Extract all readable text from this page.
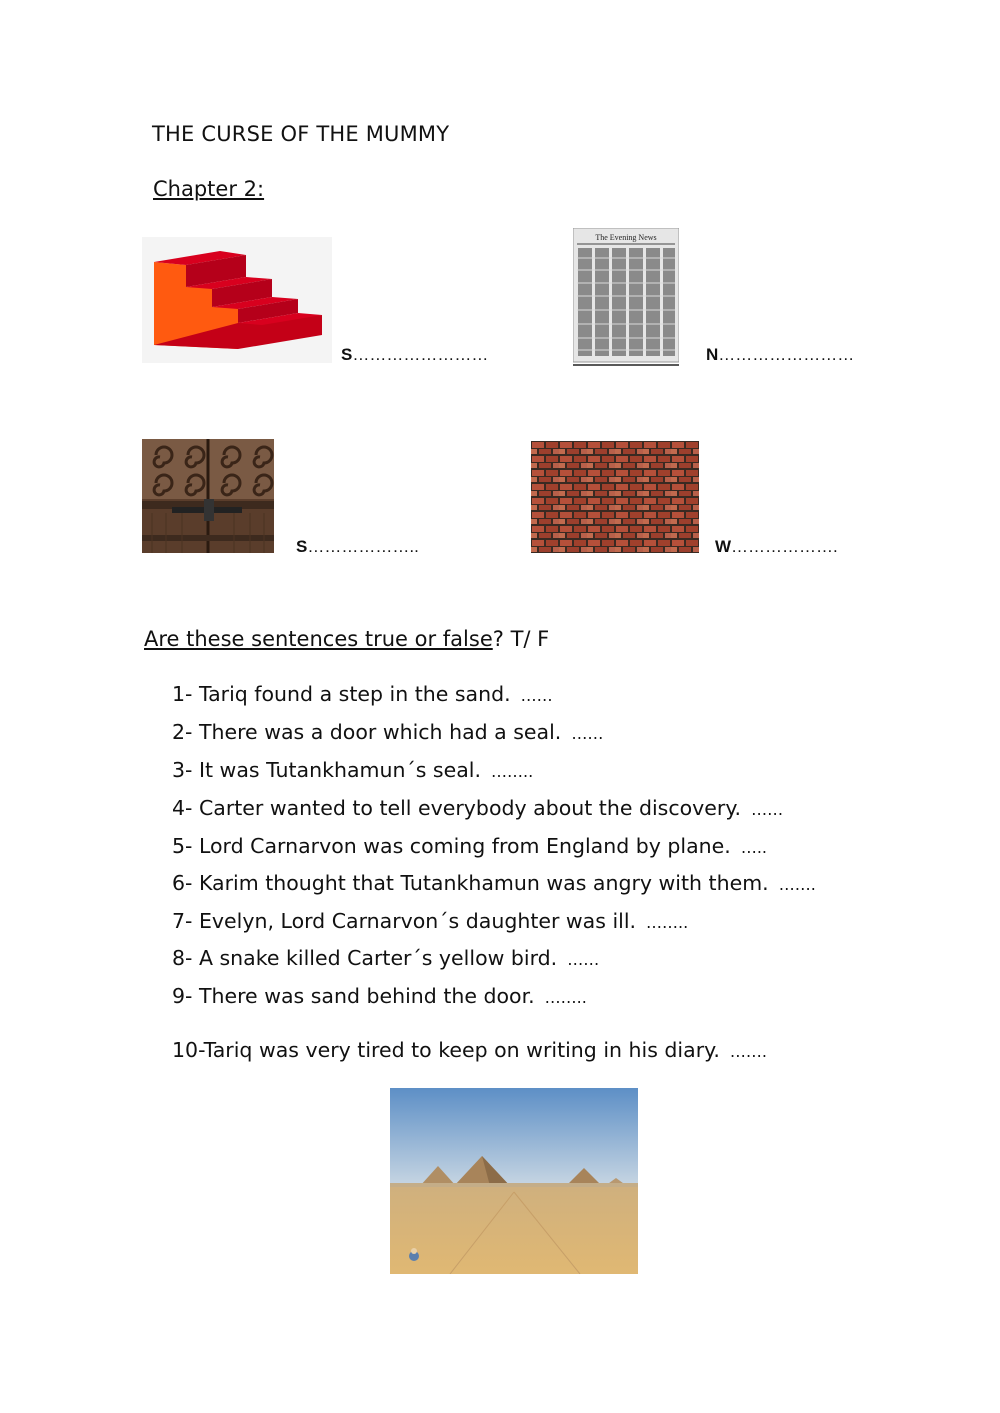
THE CURSE OF THE MUMMY
Chapter 2:
S……………………
The Evening News
N……………………
S………………..	W……………….
Are these sentences true or false? T/ F
1- Tariq found a step in the sand. ……
2- There was a door which had a seal. ……
3- It was Tutankhamun´s seal. ……..
4- Carter wanted to tell everybody about the discovery. ……
5- Lord Carnarvon was coming from England by plane. …..
6- Karim thought that Tutankhamun was angry with them. …….
7- Evelyn, Lord Carnarvon´s daughter was ill. ……..
8- A snake killed Carter´s yellow bird. ……
9- There was sand behind the door. ……..
10-Tariq was very tired to keep on writing in his diary. …….
